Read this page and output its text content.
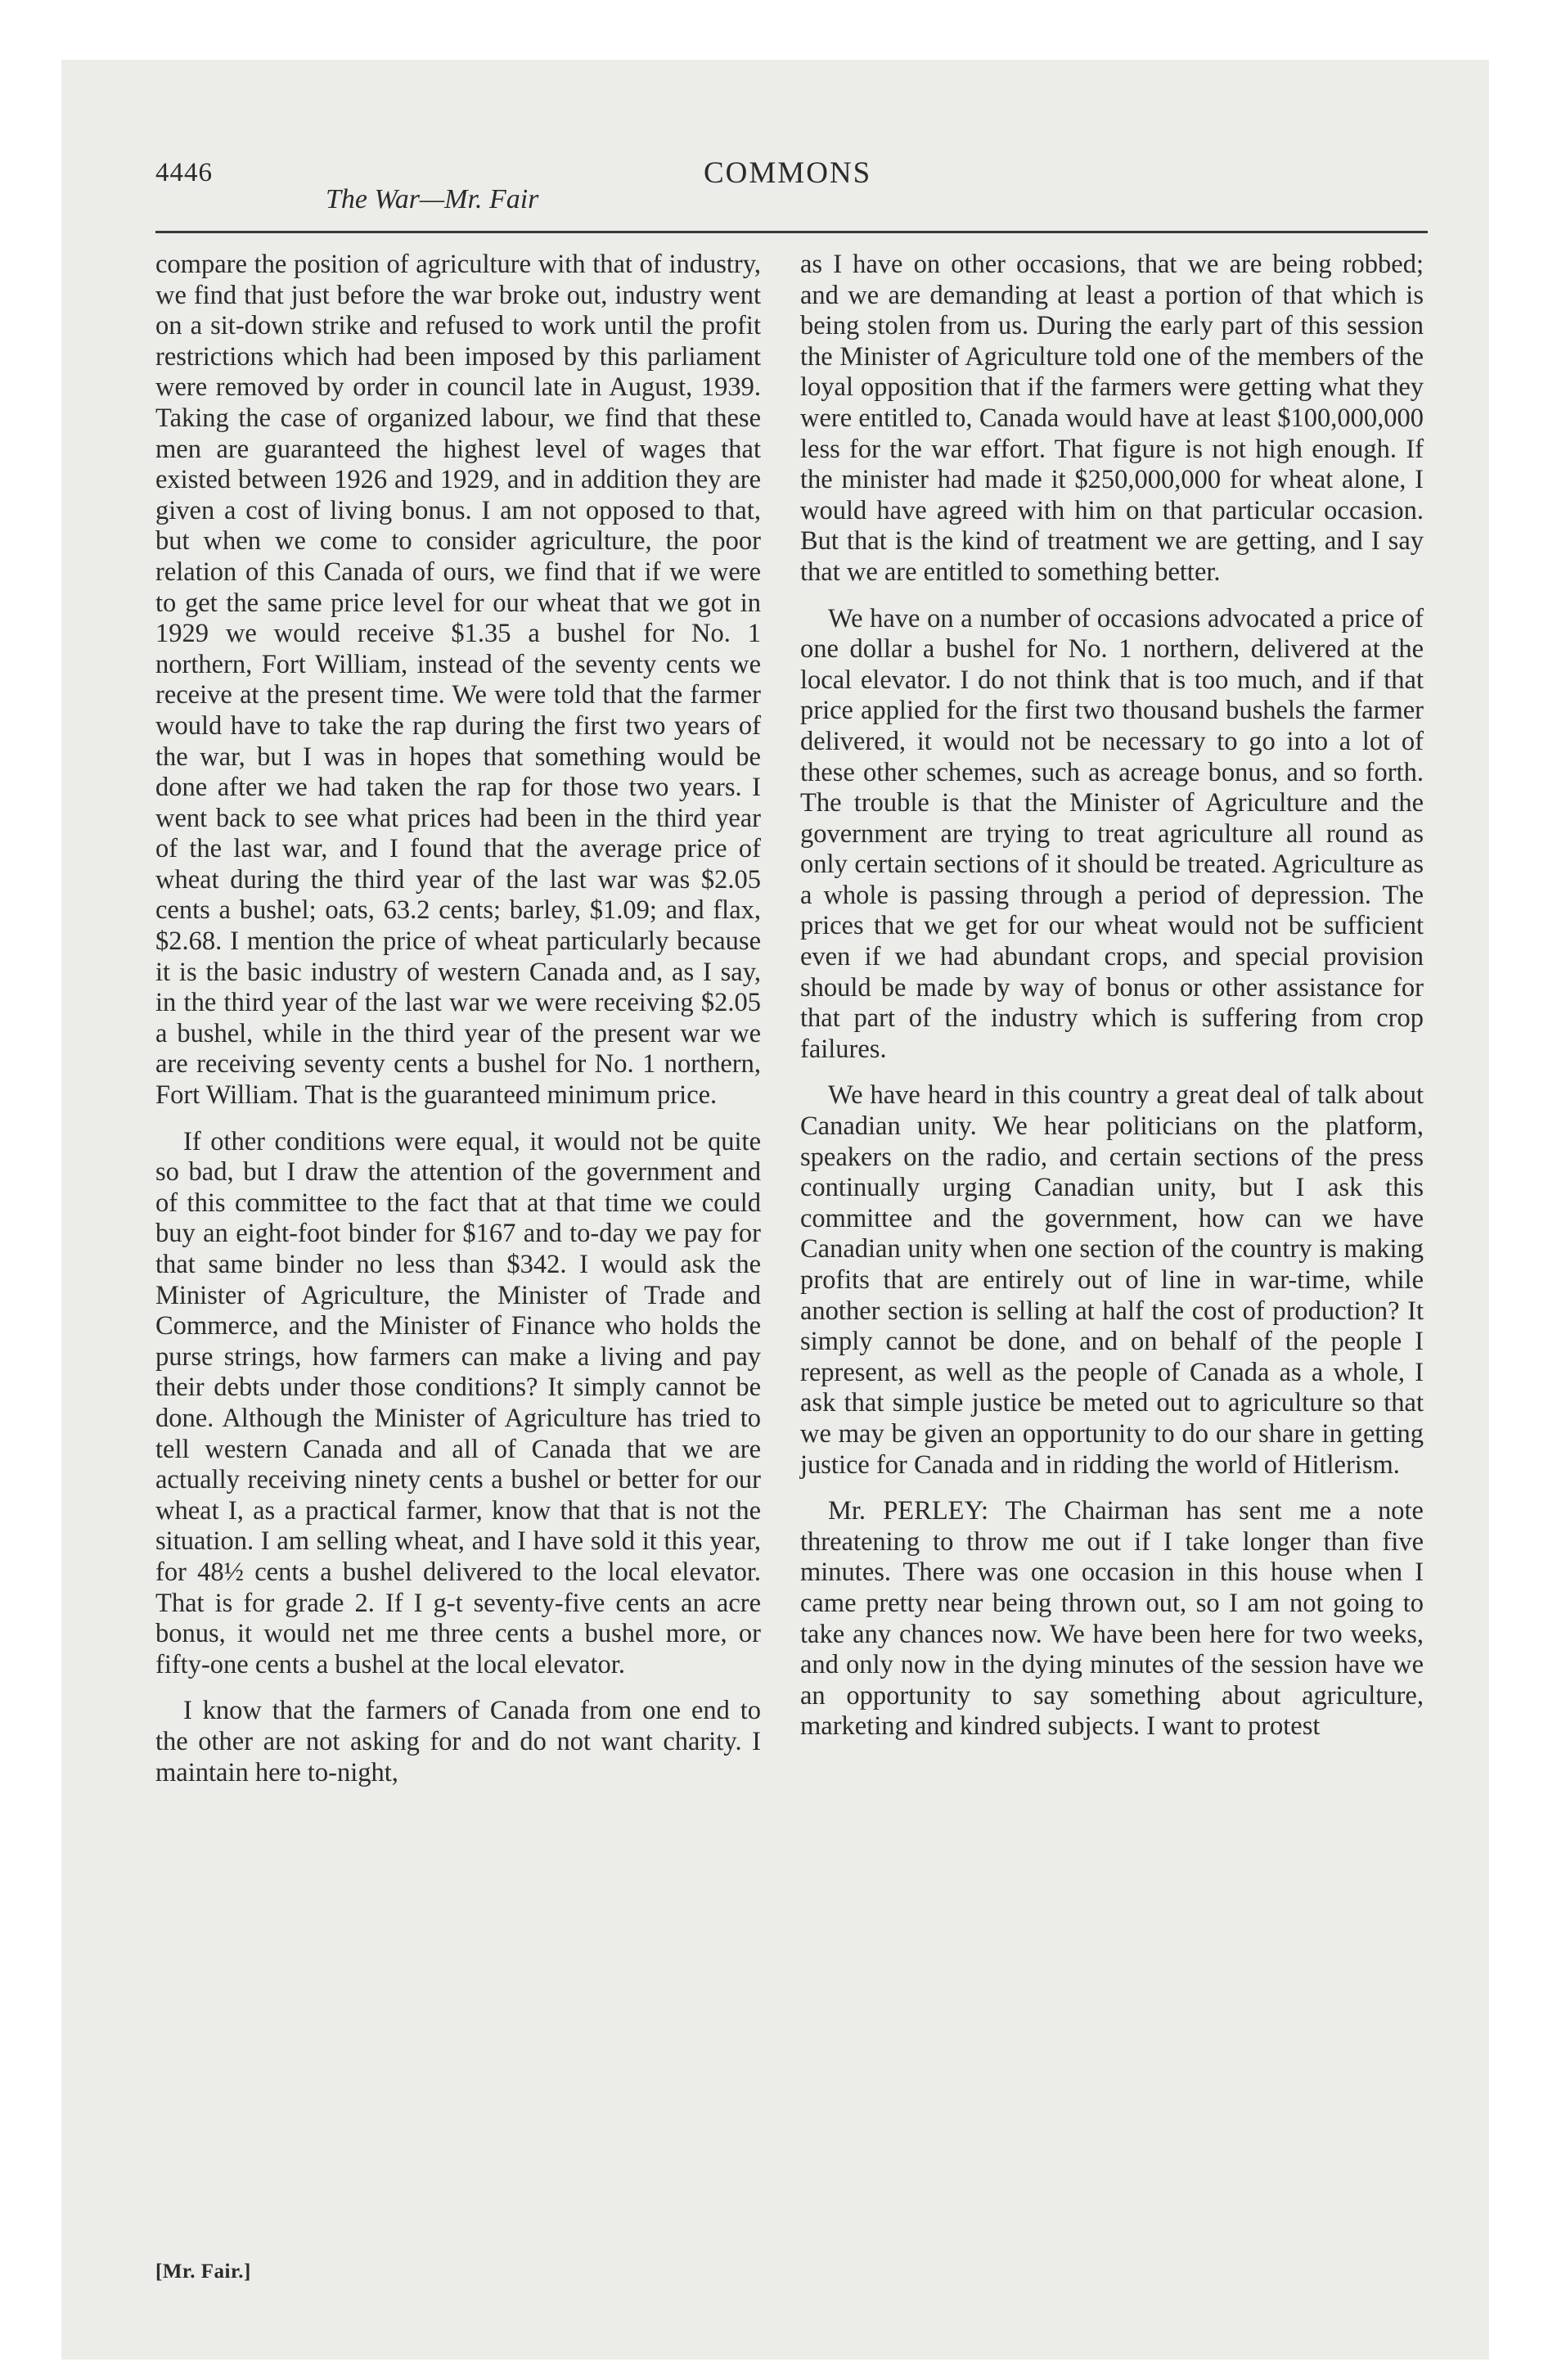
4446
The War—Mr. Fair
COMMONS

compare the position of agriculture with that of industry, we find that just before the war broke out, industry went on a sit-down strike and refused to work until the profit restrictions which had been imposed by this parliament were removed by order in council late in August, 1939. Taking the case of organized labour, we find that these men are guaranteed the highest level of wages that existed between 1926 and 1929, and in addition they are given a cost of living bonus. I am not opposed to that, but when we come to consider agriculture, the poor relation of this Canada of ours, we find that if we were to get the same price level for our wheat that we got in 1929 we would receive $1.35 a bushel for No. 1 northern, Fort William, instead of the seventy cents we receive at the present time. We were told that the farmer would have to take the rap during the first two years of the war, but I was in hopes that something would be done after we had taken the rap for those two years. I went back to see what prices had been in the third year of the last war, and I found that the average price of wheat during the third year of the last war was $2.05 cents a bushel; oats, 63.2 cents; barley, $1.09; and flax, $2.68. I mention the price of wheat particularly because it is the basic industry of western Canada and, as I say, in the third year of the last war we were receiving $2.05 a bushel, while in the third year of the present war we are receiving seventy cents a bushel for No. 1 northern, Fort William. That is the guaranteed minimum price.

If other conditions were equal, it would not be quite so bad, but I draw the attention of the government and of this committee to the fact that at that time we could buy an eight-foot binder for $167 and to-day we pay for that same binder no less than $342. I would ask the Minister of Agriculture, the Minister of Trade and Commerce, and the Minister of Finance who holds the purse strings, how farmers can make a living and pay their debts under those conditions? It simply cannot be done. Although the Minister of Agriculture has tried to tell western Canada and all of Canada that we are actually receiving ninety cents a bushel or better for our wheat I, as a practical farmer, know that that is not the situation. I am selling wheat, and I have sold it this year, for 48½ cents a bushel delivered to the local elevator. That is for grade 2. If I g-t seventy-five cents an acre bonus, it would net me three cents a bushel more, or fifty-one cents a bushel at the local elevator.

I know that the farmers of Canada from one end to the other are not asking for and do not want charity. I maintain here to-night,

as I have on other occasions, that we are being robbed; and we are demanding at least a portion of that which is being stolen from us. During the early part of this session the Minister of Agriculture told one of the members of the loyal opposition that if the farmers were getting what they were entitled to, Canada would have at least $100,000,000 less for the war effort. That figure is not high enough. If the minister had made it $250,000,000 for wheat alone, I would have agreed with him on that particular occasion. But that is the kind of treatment we are getting, and I say that we are entitled to something better.

We have on a number of occasions advocated a price of one dollar a bushel for No. 1 northern, delivered at the local elevator. I do not think that is too much, and if that price applied for the first two thousand bushels the farmer delivered, it would not be necessary to go into a lot of these other schemes, such as acreage bonus, and so forth. The trouble is that the Minister of Agriculture and the government are trying to treat agriculture all round as only certain sections of it should be treated. Agriculture as a whole is passing through a period of depression. The prices that we get for our wheat would not be sufficient even if we had abundant crops, and special provision should be made by way of bonus or other assistance for that part of the industry which is suffering from crop failures.

We have heard in this country a great deal of talk about Canadian unity. We hear politicians on the platform, speakers on the radio, and certain sections of the press continually urging Canadian unity, but I ask this committee and the government, how can we have Canadian unity when one section of the country is making profits that are entirely out of line in war-time, while another section is selling at half the cost of production? It simply cannot be done, and on behalf of the people I represent, as well as the people of Canada as a whole, I ask that simple justice be meted out to agriculture so that we may be given an opportunity to do our share in getting justice for Canada and in ridding the world of Hitlerism.

Mr. PERLEY: The Chairman has sent me a note threatening to throw me out if I take longer than five minutes. There was one occasion in this house when I came pretty near being thrown out, so I am not going to take any chances now. We have been here for two weeks, and only now in the dying minutes of the session have we an opportunity to say something about agriculture, marketing and kindred subjects. I want to protest

[Mr. Fair.]
